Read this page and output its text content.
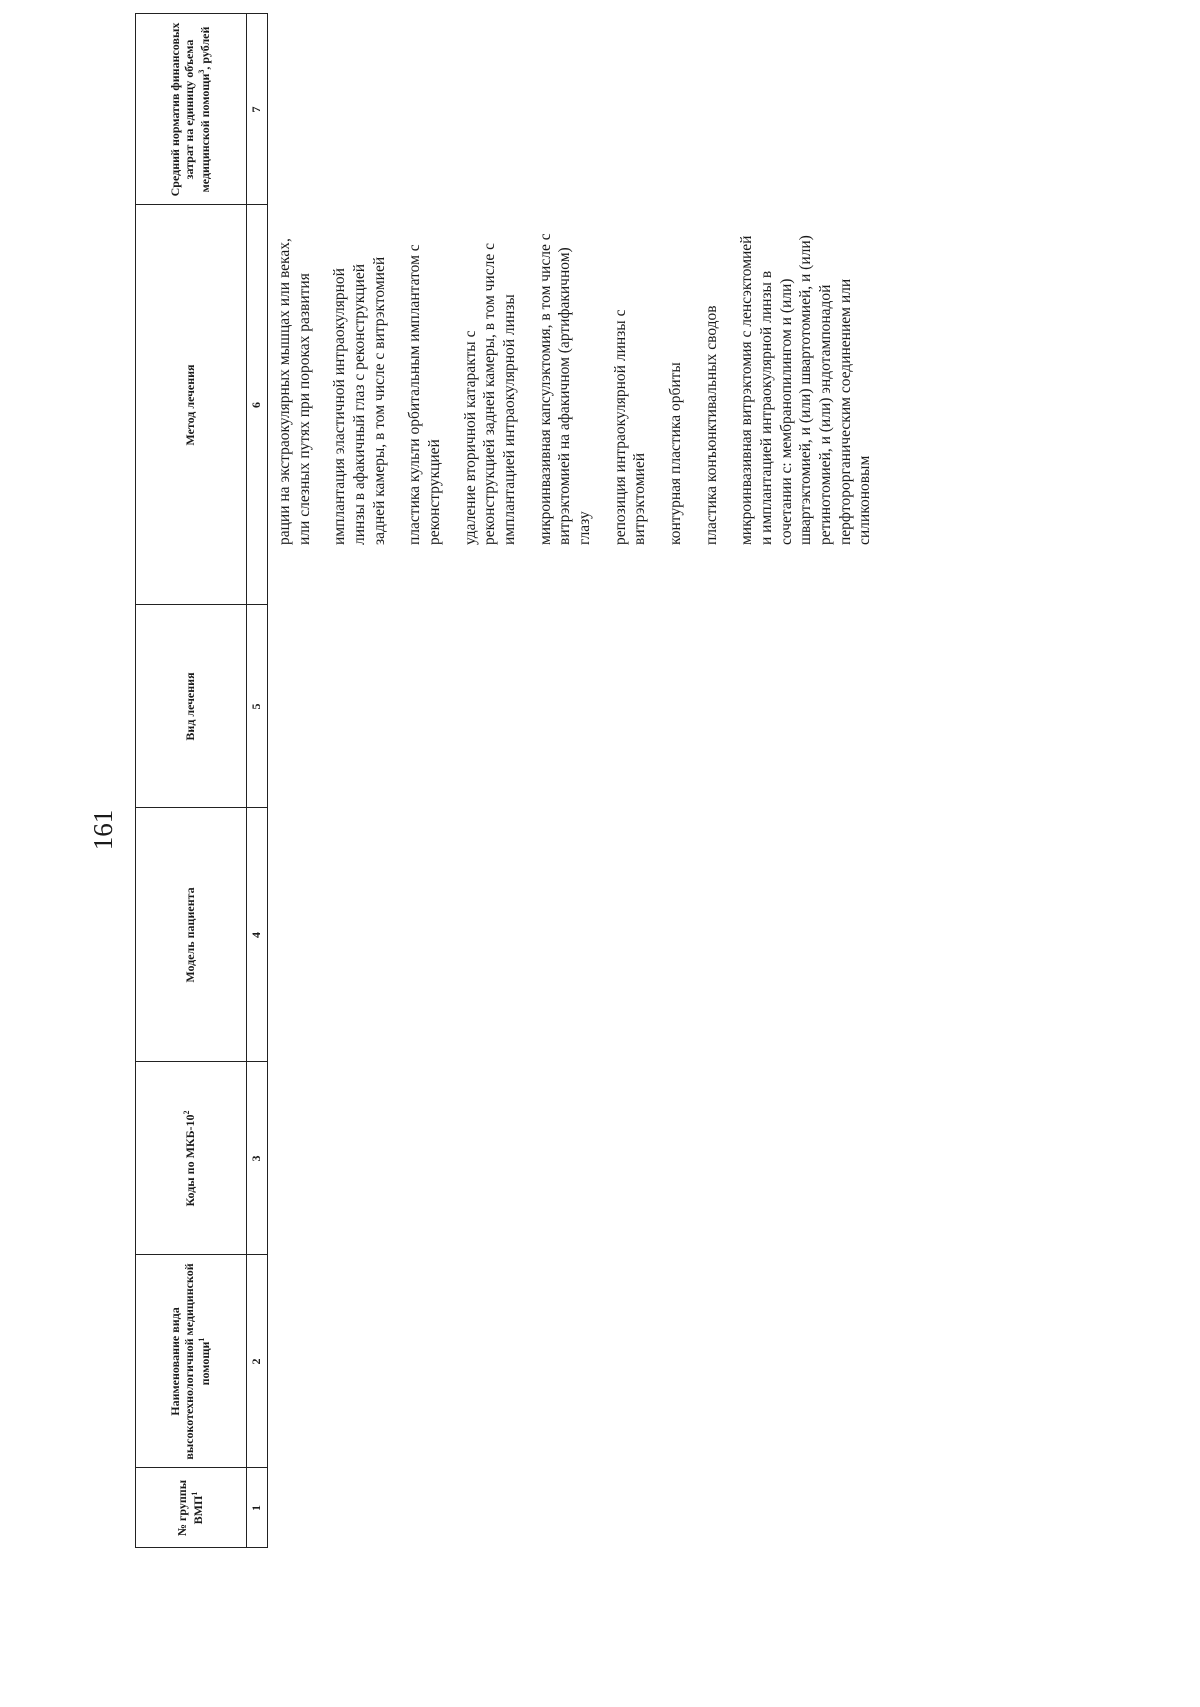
161
№ группы ВМП$^1$
Наименование вида высокотехнологичной медицинской помощи$^1$
Коды по МКБ-$10^2$
Модель пациента
Вид лечения
Метод лечения
Средний норматив финансовых затрат на единицу объема медицинской помощи$^3$, рублей
1
2
3
4
5
6
7
рации на экстраокулярных мышцах или веках, или слезных путях при пороках развития имплантация эластичной интраокулярной линзы в афакичный глаз с реконструкцией задней камеры, в том числе с витрэктомией пластика культи орбитальным имплантатом с реконструкцией удаление вторичной катаракты с реконструкцией задней камеры, в том числе с имплантацией интраокулярной линзы микроинвазивная капсулэктомия, в том числе с витрэктомией на афакичном (артифакичном) глазу репозиция интраокулярной линзы с витрэктомией контурная пластика орбиты пластика конъюнктивальных сводов микроинвазивная витрэктомия с ленсэктомией и имплантацией интраокулярной линзы в сочетании с: мембранопилингом и (или) швартэктомией, и (или) швартотомией, и (или) ретинотомией, и (или) эндотампонадой перфторорганическим соединением или силиконовым
